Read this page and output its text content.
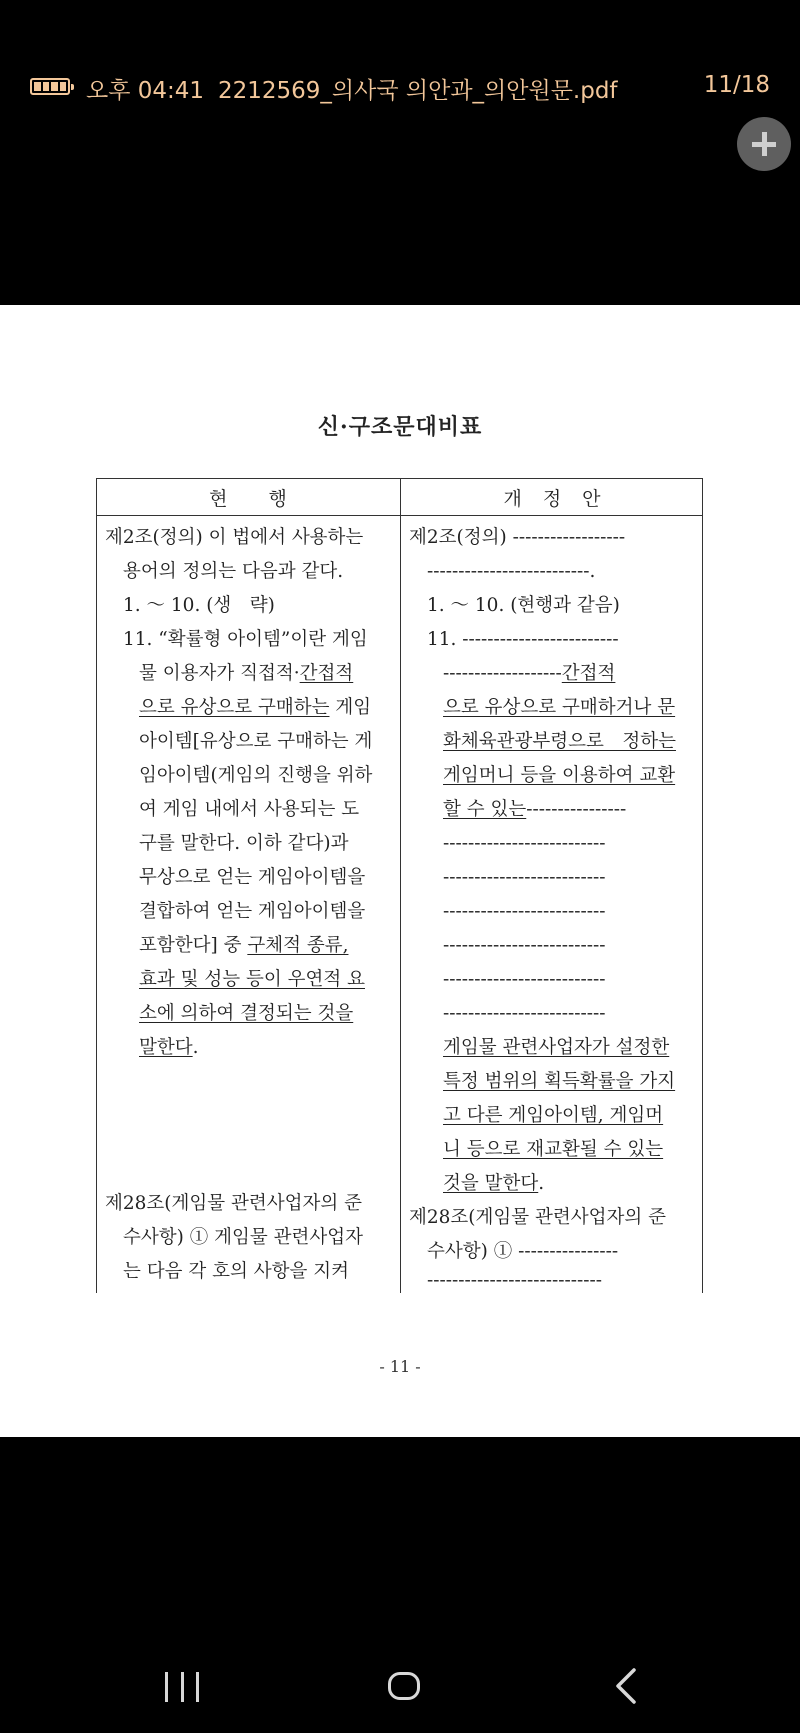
오후 04:41 2212569_의사국 의안과_의안원문.pdf	11/18
신·구조문대비표
현　　행	개　정　안
제2조(정의) 이 법에서 사용하는
용어의 정의는 다음과 같다.
1. ～ 10. (생　략)
11. “확률형 아이템”이란 게임
물 이용자가 직접적·간접적
으로 유상으로 구매하는 게임
아이템[유상으로 구매하는 게
임아이템(게임의 진행을 위하
여 게임 내에서 사용되는 도
구를 말한다. 이하 같다)과
무상으로 얻는 게임아이템을
결합하여 얻는 게임아이템을
포함한다] 중 구체적 종류,
효과 및 성능 등이 우연적 요
소에 의하여 결정되는 것을
말한다.
제28조(게임물 관련사업자의 준
수사항) ① 게임물 관련사업자
는 다음 각 호의 사항을 지켜
제2조(정의) ------------------
--------------------------.
1. ～ 10. (현행과 같음)
11. -------------------------
-------------------간접적
으로 유상으로 구매하거나 문
화체육관광부령으로　정하는
게임머니 등을 이용하여 교환
할 수 있는----------------
--------------------------
--------------------------
--------------------------
--------------------------
--------------------------
--------------------------
게임물 관련사업자가 설정한
특정 범위의 획득확률을 가지
고 다른 게임아이템, 게임머
니 등으로 재교환될 수 있는
것을 말한다.
제28조(게임물 관련사업자의 준
수사항) ① ----------------
----------------------------
- 11 -
